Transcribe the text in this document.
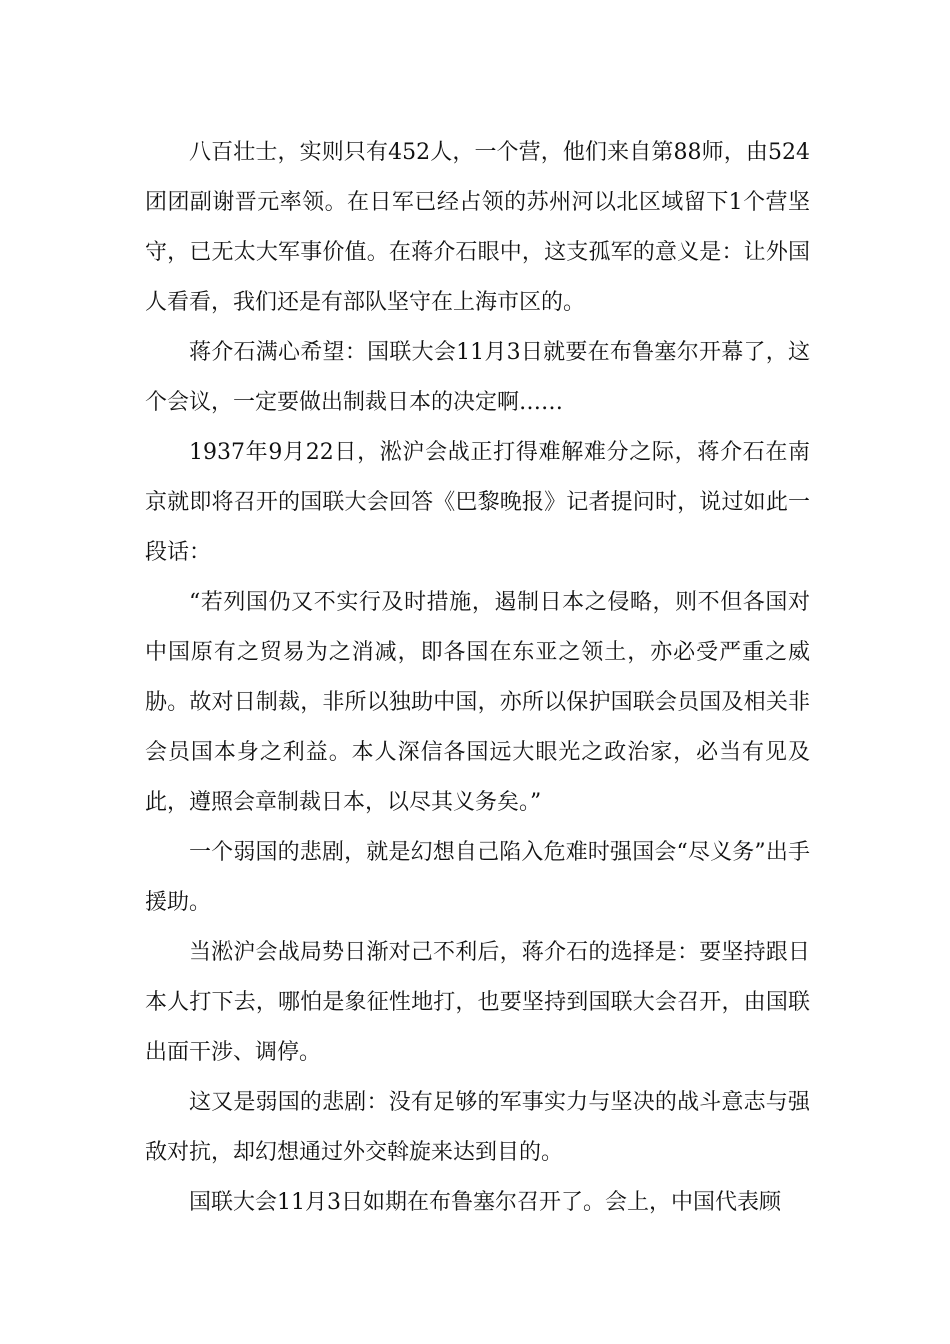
八百壮士，实则只有452人，一个营，他们来自第88师，由524团团副谢晋元率领。在日军已经占领的苏州河以北区域留下1个营坚守，已无太大军事价值。在蒋介石眼中，这支孤军的意义是：让外国人看看，我们还是有部队坚守在上海市区的。

蒋介石满心希望：国联大会11月3日就要在布鲁塞尔开幕了，这个会议，一定要做出制裁日本的决定啊……

1937年9月22日，淞沪会战正打得难解难分之际，蒋介石在南京就即将召开的国联大会回答《巴黎晚报》记者提问时，说过如此一段话：

“若列国仍又不实行及时措施，遏制日本之侵略，则不但各国对中国原有之贸易为之消减，即各国在东亚之领土，亦必受严重之威胁。故对日制裁，非所以独助中国，亦所以保护国联会员国及相关非会员国本身之利益。本人深信各国远大眼光之政治家，必当有见及此，遵照会章制裁日本，以尽其义务矣。”

一个弱国的悲剧，就是幻想自己陷入危难时强国会“尽义务”出手援助。

当淞沪会战局势日渐对己不利后，蒋介石的选择是：要坚持跟日本人打下去，哪怕是象征性地打，也要坚持到国联大会召开，由国联出面干涉、调停。

这又是弱国的悲剧：没有足够的军事实力与坚决的战斗意志与强敌对抗，却幻想通过外交斡旋来达到目的。

国联大会11月3日如期在布鲁塞尔召开了。会上，中国代表顾
